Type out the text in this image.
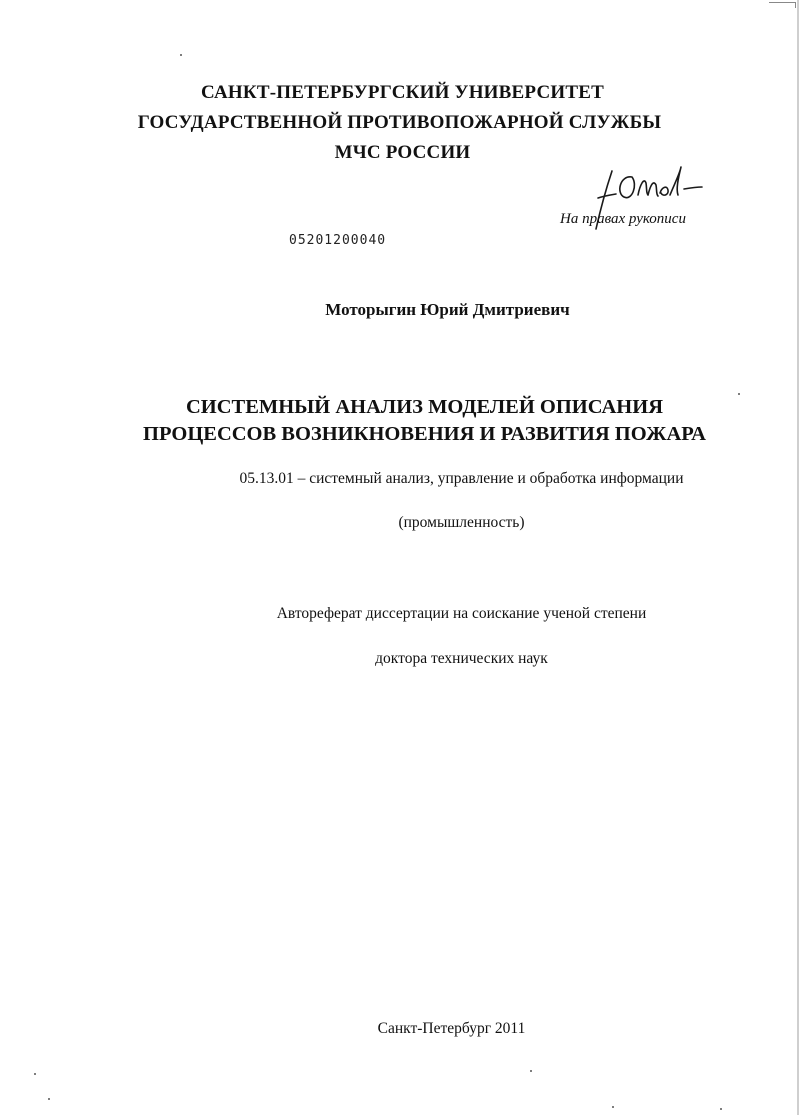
САНКТ-ПЕТЕРБУРГСКИЙ УНИВЕРСИТЕТ
ГОСУДАРСТВЕННОЙ ПРОТИВОПОЖАРНОЙ СЛУЖБЫ
МЧС РОССИИ
На правах рукописи
05201200040
Моторыгин Юрий Дмитриевич
СИСТЕМНЫЙ АНАЛИЗ МОДЕЛЕЙ ОПИСАНИЯ
ПРОЦЕССОВ ВОЗНИКНОВЕНИЯ И РАЗВИТИЯ ПОЖАРА
05.13.01 – системный анализ, управление и обработка информации
(промышленность)
Автореферат диссертации на соискание ученой степени
доктора технических наук
Санкт-Петербург 2011
